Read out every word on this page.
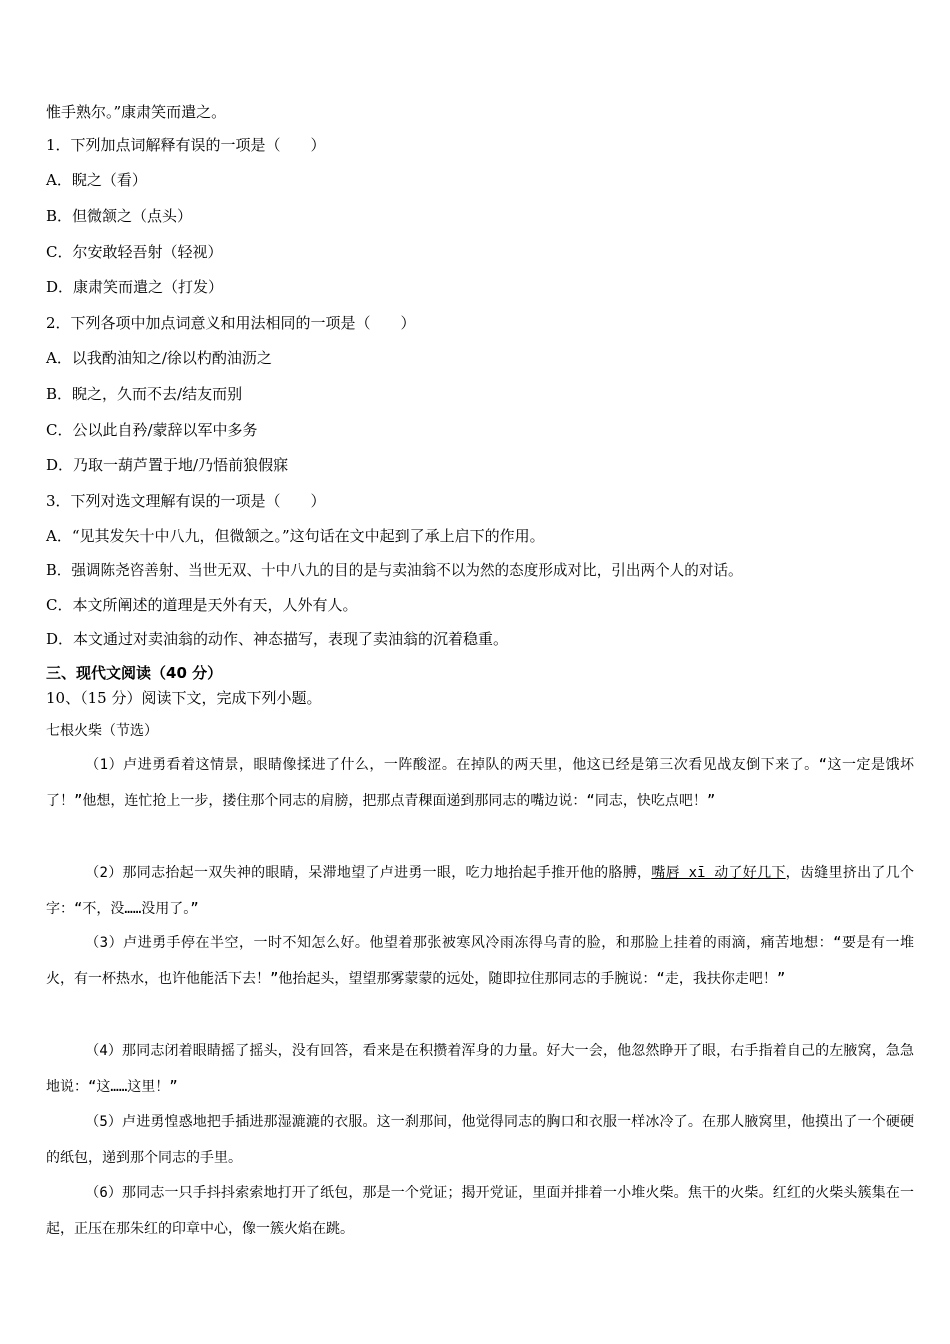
惟手熟尔。”康肃笑而遣之。
1．下列加点词解释有误的一项是（　　）
A．睨之（看）
B．但微颔之（点头）
C．尔安敢轻吾射（轻视）
D．康肃笑而遣之（打发）
2．下列各项中加点词意义和用法相同的一项是（　　）
A．以我酌油知之/徐以杓酌油沥之
B．睨之，久而不去/结友而别
C．公以此自矜/蒙辞以军中多务
D．乃取一葫芦置于地/乃悟前狼假寐
3．下列对选文理解有误的一项是（　　）
A．“见其发矢十中八九，但微颔之。”这句话在文中起到了承上启下的作用。
B．强调陈尧咨善射、当世无双、十中八九的目的是与卖油翁不以为然的态度形成对比，引出两个人的对话。
C．本文所阐述的道理是天外有天，人外有人。
D．本文通过对卖油翁的动作、神态描写，表现了卖油翁的沉着稳重。
三、现代文阅读（40 分）
10、（15 分）阅读下文，完成下列小题。
七根火柴（节选）
（1）卢进勇看着这情景，眼睛像揉进了什么，一阵酸涩。在掉队的两天里，他这已经是第三次看见战友倒下来了。“这一定是饿坏了！”他想，连忙抢上一步，搂住那个同志的肩膀，把那点青稞面递到那同志的嘴边说：“同志，快吃点吧！”
（2）那同志抬起一双失神的眼睛，呆滞地望了卢进勇一眼，吃力地抬起手推开他的胳膊，嘴唇 xī 动了好几下，齿缝里挤出了几个字：“不，没……没用了。”
（3）卢进勇手停在半空，一时不知怎么好。他望着那张被寒风冷雨冻得乌青的脸，和那脸上挂着的雨滴，痛苦地想：“要是有一堆火，有一杯热水，也许他能活下去！”他抬起头，望望那雾蒙蒙的远处，随即拉住那同志的手腕说：“走，我扶你走吧！”
（4）那同志闭着眼睛摇了摇头，没有回答，看来是在积攒着浑身的力量。好大一会，他忽然睁开了眼，右手指着自己的左腋窝，急急地说：“这……这里！”
（5）卢进勇惶惑地把手插进那湿漉漉的衣服。这一刹那间，他觉得同志的胸口和衣服一样冰冷了。在那人腋窝里，他摸出了一个硬硬的纸包，递到那个同志的手里。
（6）那同志一只手抖抖索索地打开了纸包，那是一个党证；揭开党证，里面并排着一小堆火柴。焦干的火柴。红红的火柴头簇集在一起，正压在那朱红的印章中心，像一簇火焰在跳。
